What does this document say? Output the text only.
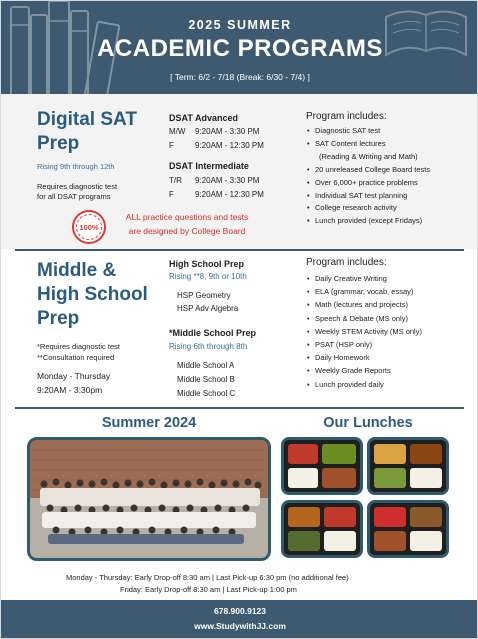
2025 SUMMER
ACADEMIC PROGRAMS
[ Term: 6/2 - 7/18 (Break: 6/30 - 7/4) ]
Digital SAT
Prep
Rising 9th through 12th
Requires diagnostic test
for all DSAT programs
DSAT Advanced
M/W 9:20AM - 3:30 PM
F	9:20AM - 12:30 PM
DSAT Intermediate
T/R 9:20AM - 3:30 PM
F	9:20AM - 12:30 PM
Program includes:
• Diagnostic SAT test
• SAT Content lectures
(Reading & Writing and Math)
• 20 unreleased College Board tests
• Over 6,000+ practice problems
• Individual SAT test planning
• College research activity
• Lunch provided (except Fridays)
100%
ALL practice questions and tests
are designed by College Board
Middle &
High School
Prep
*Requires diagnostic test
**Consultation required
Monday - Thursday
9:20AM - 3:30pm
High School Prep
Rising **8, 9th or 10th
HSP Geometry
HSP Adv Algebra
*Middle School Prep
Rising 6th through 8th
Middle School A
Middle School B
Middle School C
Program includes:
• Daily Creative Writing
• ELA (grammar, vocab, essay)
• Math (lectures and projects)
• Speech & Debate (MS only)
• Weekly STEM Activity (MS only)
• PSAT (HSP only)
• Daily Homework
• Weekly Grade Reports
• Lunch provided daily
Summer 2024	Our Lunches
Monday - Thursday: Early Drop-off 8:30 am | Last Pick-up 6:30 pm (no additional fee)
Friday: Early Drop-off 8:30 am | Last Pick-up 1:00 pm
678.900.9123
www.StudywithJJ.com
